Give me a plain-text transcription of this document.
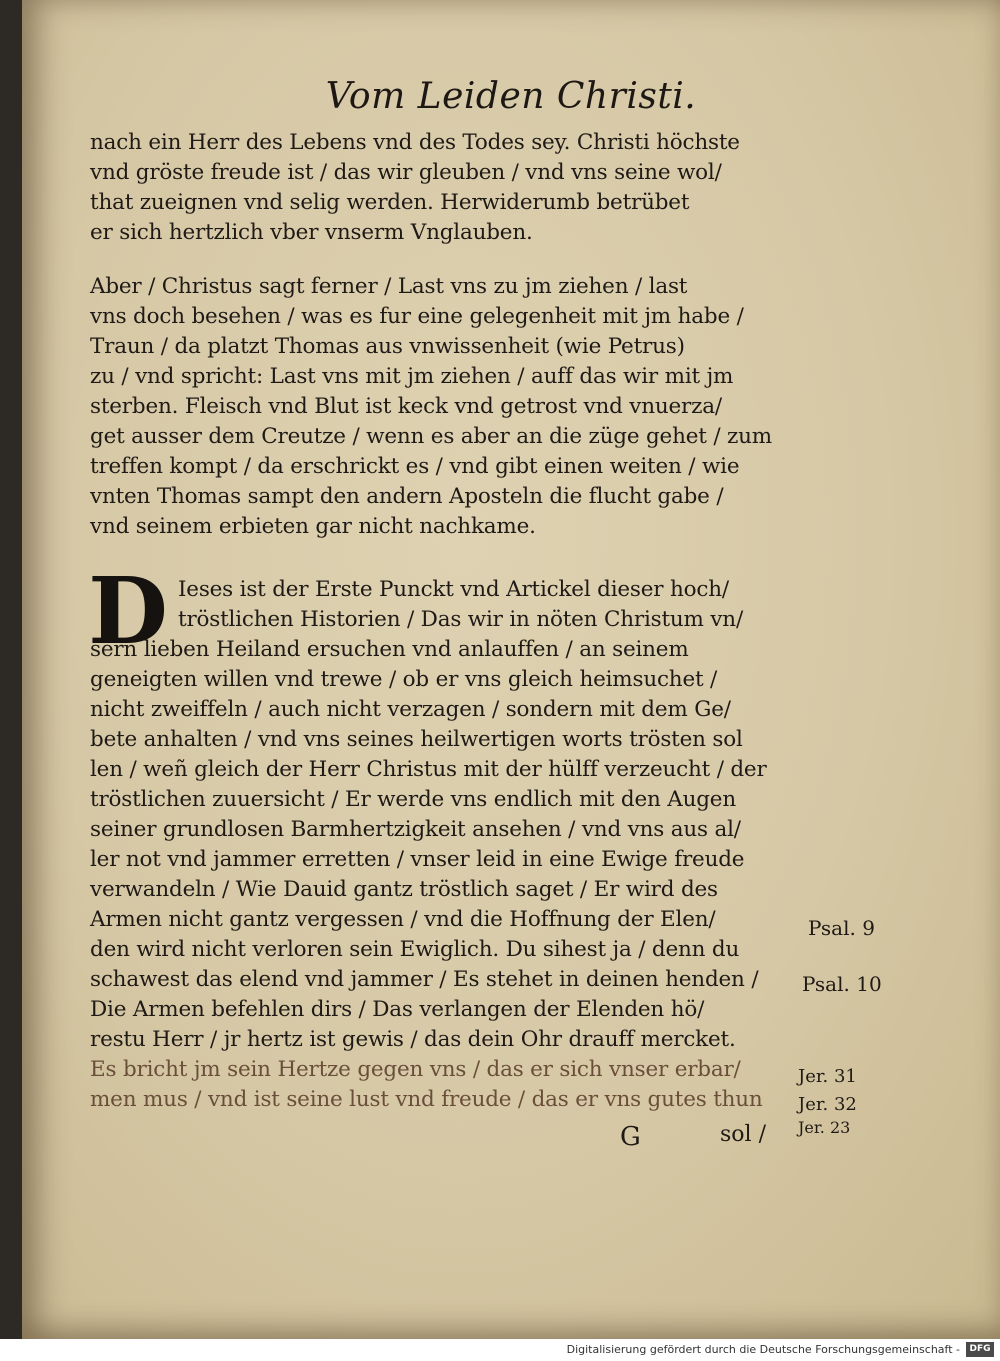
Vom Leiden Christi.
nach ein Herr des Lebens vnd des Todes sey. Christi höchste
vnd gröste freude ist / das wir gleuben / vnd vns seine wol/
that zueignen vnd selig werden. Herwiderumb betrübet
er sich hertzlich vber vnserm Vnglauben.
Aber / Christus sagt ferner / Last vns zu jm ziehen / last
vns doch besehen / was es fur eine gelegenheit mit jm habe /
Traun / da platzt Thomas aus vnwissenheit (wie Petrus)
zu / vnd spricht: Last vns mit jm ziehen / auff das wir mit jm
sterben. Fleisch vnd Blut ist keck vnd getrost vnd vnuerza/
get ausser dem Creutze / wenn es aber an die züge gehet / zum
treffen kompt / da erschrickt es / vnd gibt einen weiten / wie
vnten Thomas sampt den andern Aposteln die flucht gabe /
vnd seinem erbieten gar nicht nachkame.
D Ieses ist der Erste Punckt vnd Artickel dieser hoch/
tröstlichen Historien / Das wir in nöten Christum vn/
sern lieben Heiland ersuchen vnd anlauffen / an seinem
geneigten willen vnd trewe / ob er vns gleich heimsuchet /
nicht zweiffeln / auch nicht verzagen / sondern mit dem Ge/
bete anhalten / vnd vns seines heilwertigen worts trösten sol
len / weñ gleich der Herr Christus mit der hülff verzeucht / der
tröstlichen zuuersicht / Er werde vns endlich mit den Augen
seiner grundlosen Barmhertzigkeit ansehen / vnd vns aus al/
ler not vnd jammer erretten / vnser leid in eine Ewige freude
verwandeln / Wie Dauid gantz tröstlich saget / Er wird des
Armen nicht gantz vergessen / vnd die Hoffnung der Elen/
den wird nicht verloren sein Ewiglich. Du sihest ja / denn du
schawest das elend vnd jammer / Es stehet in deinen henden /
Die Armen befehlen dirs / Das verlangen der Elenden hö/
restu Herr / jr hertz ist gewis / das dein Ohr drauff mercket.
Es bricht jm sein Hertze gegen vns / das er sich vnser erbar/
men mus / vnd ist seine lust vnd freude / das er vns gutes thun
Psal. 9
Psal. 10
Jer. 31
Jer. 32
Jer. 23
G	sol /
Digitalisierung gefördert durch die Deutsche Forschungsgemeinschaft -	DFG
